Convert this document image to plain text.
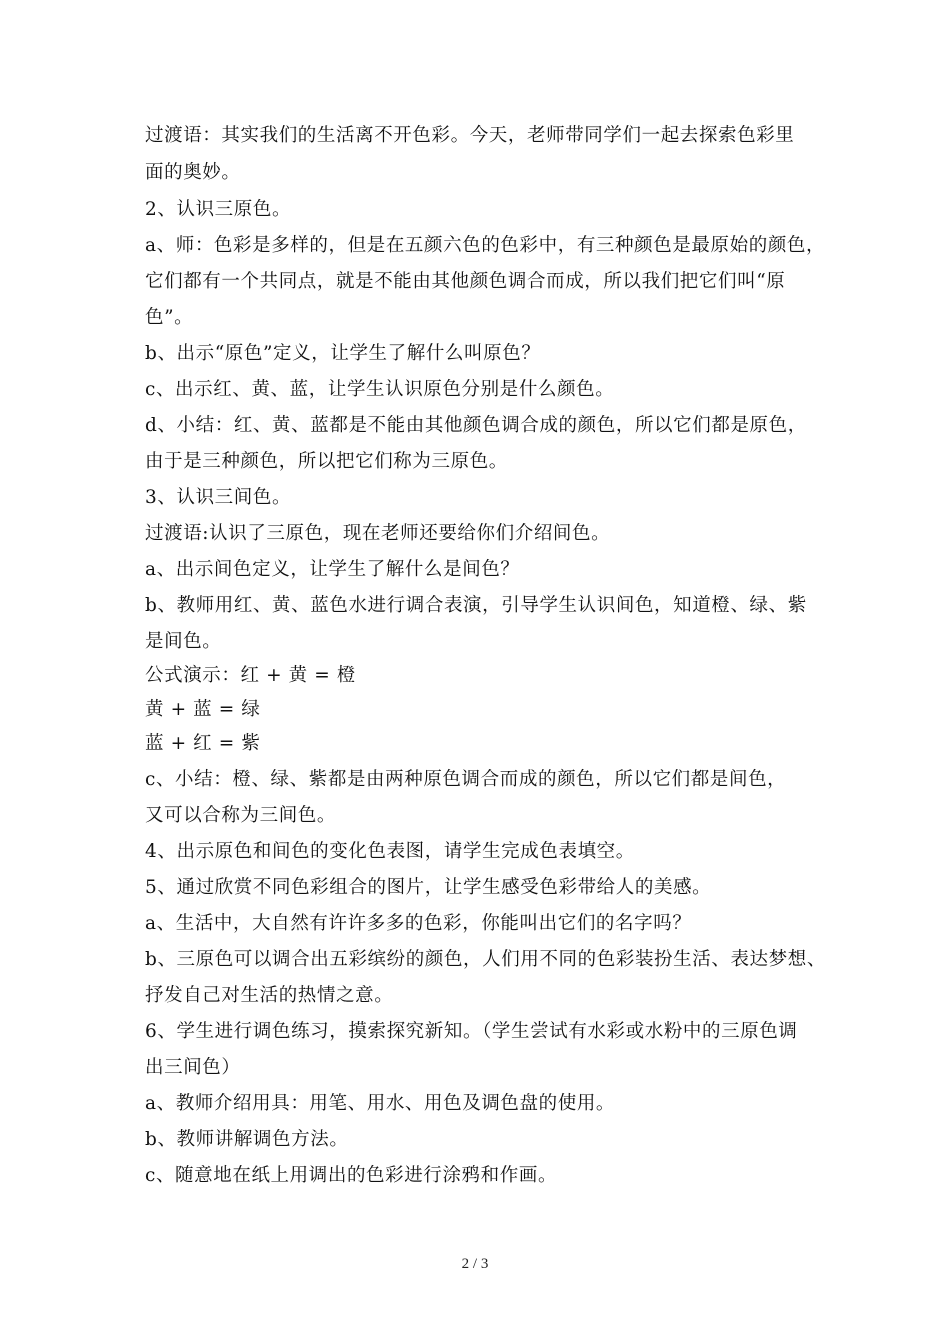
过渡语：其实我们的生活离不开色彩。今天，老师带同学们一起去探索色彩里
面的奥妙。
2、认识三原色。
a、师：色彩是多样的，但是在五颜六色的色彩中，有三种颜色是最原始的颜色，
它们都有一个共同点，就是不能由其他颜色调合而成，所以我们把它们叫“原
色”。
b、出示“原色”定义，让学生了解什么叫原色？
c、出示红、黄、蓝，让学生认识原色分别是什么颜色。
d、小结：红、黄、蓝都是不能由其他颜色调合成的颜色，所以它们都是原色，
由于是三种颜色，所以把它们称为三原色。
3、认识三间色。
过渡语:认识了三原色，现在老师还要给你们介绍间色。
a、出示间色定义，让学生了解什么是间色？
b、教师用红、黄、蓝色水进行调合表演，引导学生认识间色，知道橙、绿、紫
是间色。
公式演示：红 + 黄 = 橙
黄 + 蓝 = 绿
蓝 + 红 = 紫
c、小结：橙、绿、紫都是由两种原色调合而成的颜色，所以它们都是间色，
又可以合称为三间色。
4、出示原色和间色的变化色表图，请学生完成色表填空。
5、通过欣赏不同色彩组合的图片，让学生感受色彩带给人的美感。
a、生活中，大自然有许许多多的色彩，你能叫出它们的名字吗？
b、三原色可以调合出五彩缤纷的颜色，人们用不同的色彩装扮生活、表达梦想、
抒发自己对生活的热情之意。
6、学生进行调色练习，摸索探究新知。（学生尝试有水彩或水粉中的三原色调
出三间色）
a、教师介绍用具：用笔、用水、用色及调色盘的使用。
b、教师讲解调色方法。
c、随意地在纸上用调出的色彩进行涂鸦和作画。
2 / 3
